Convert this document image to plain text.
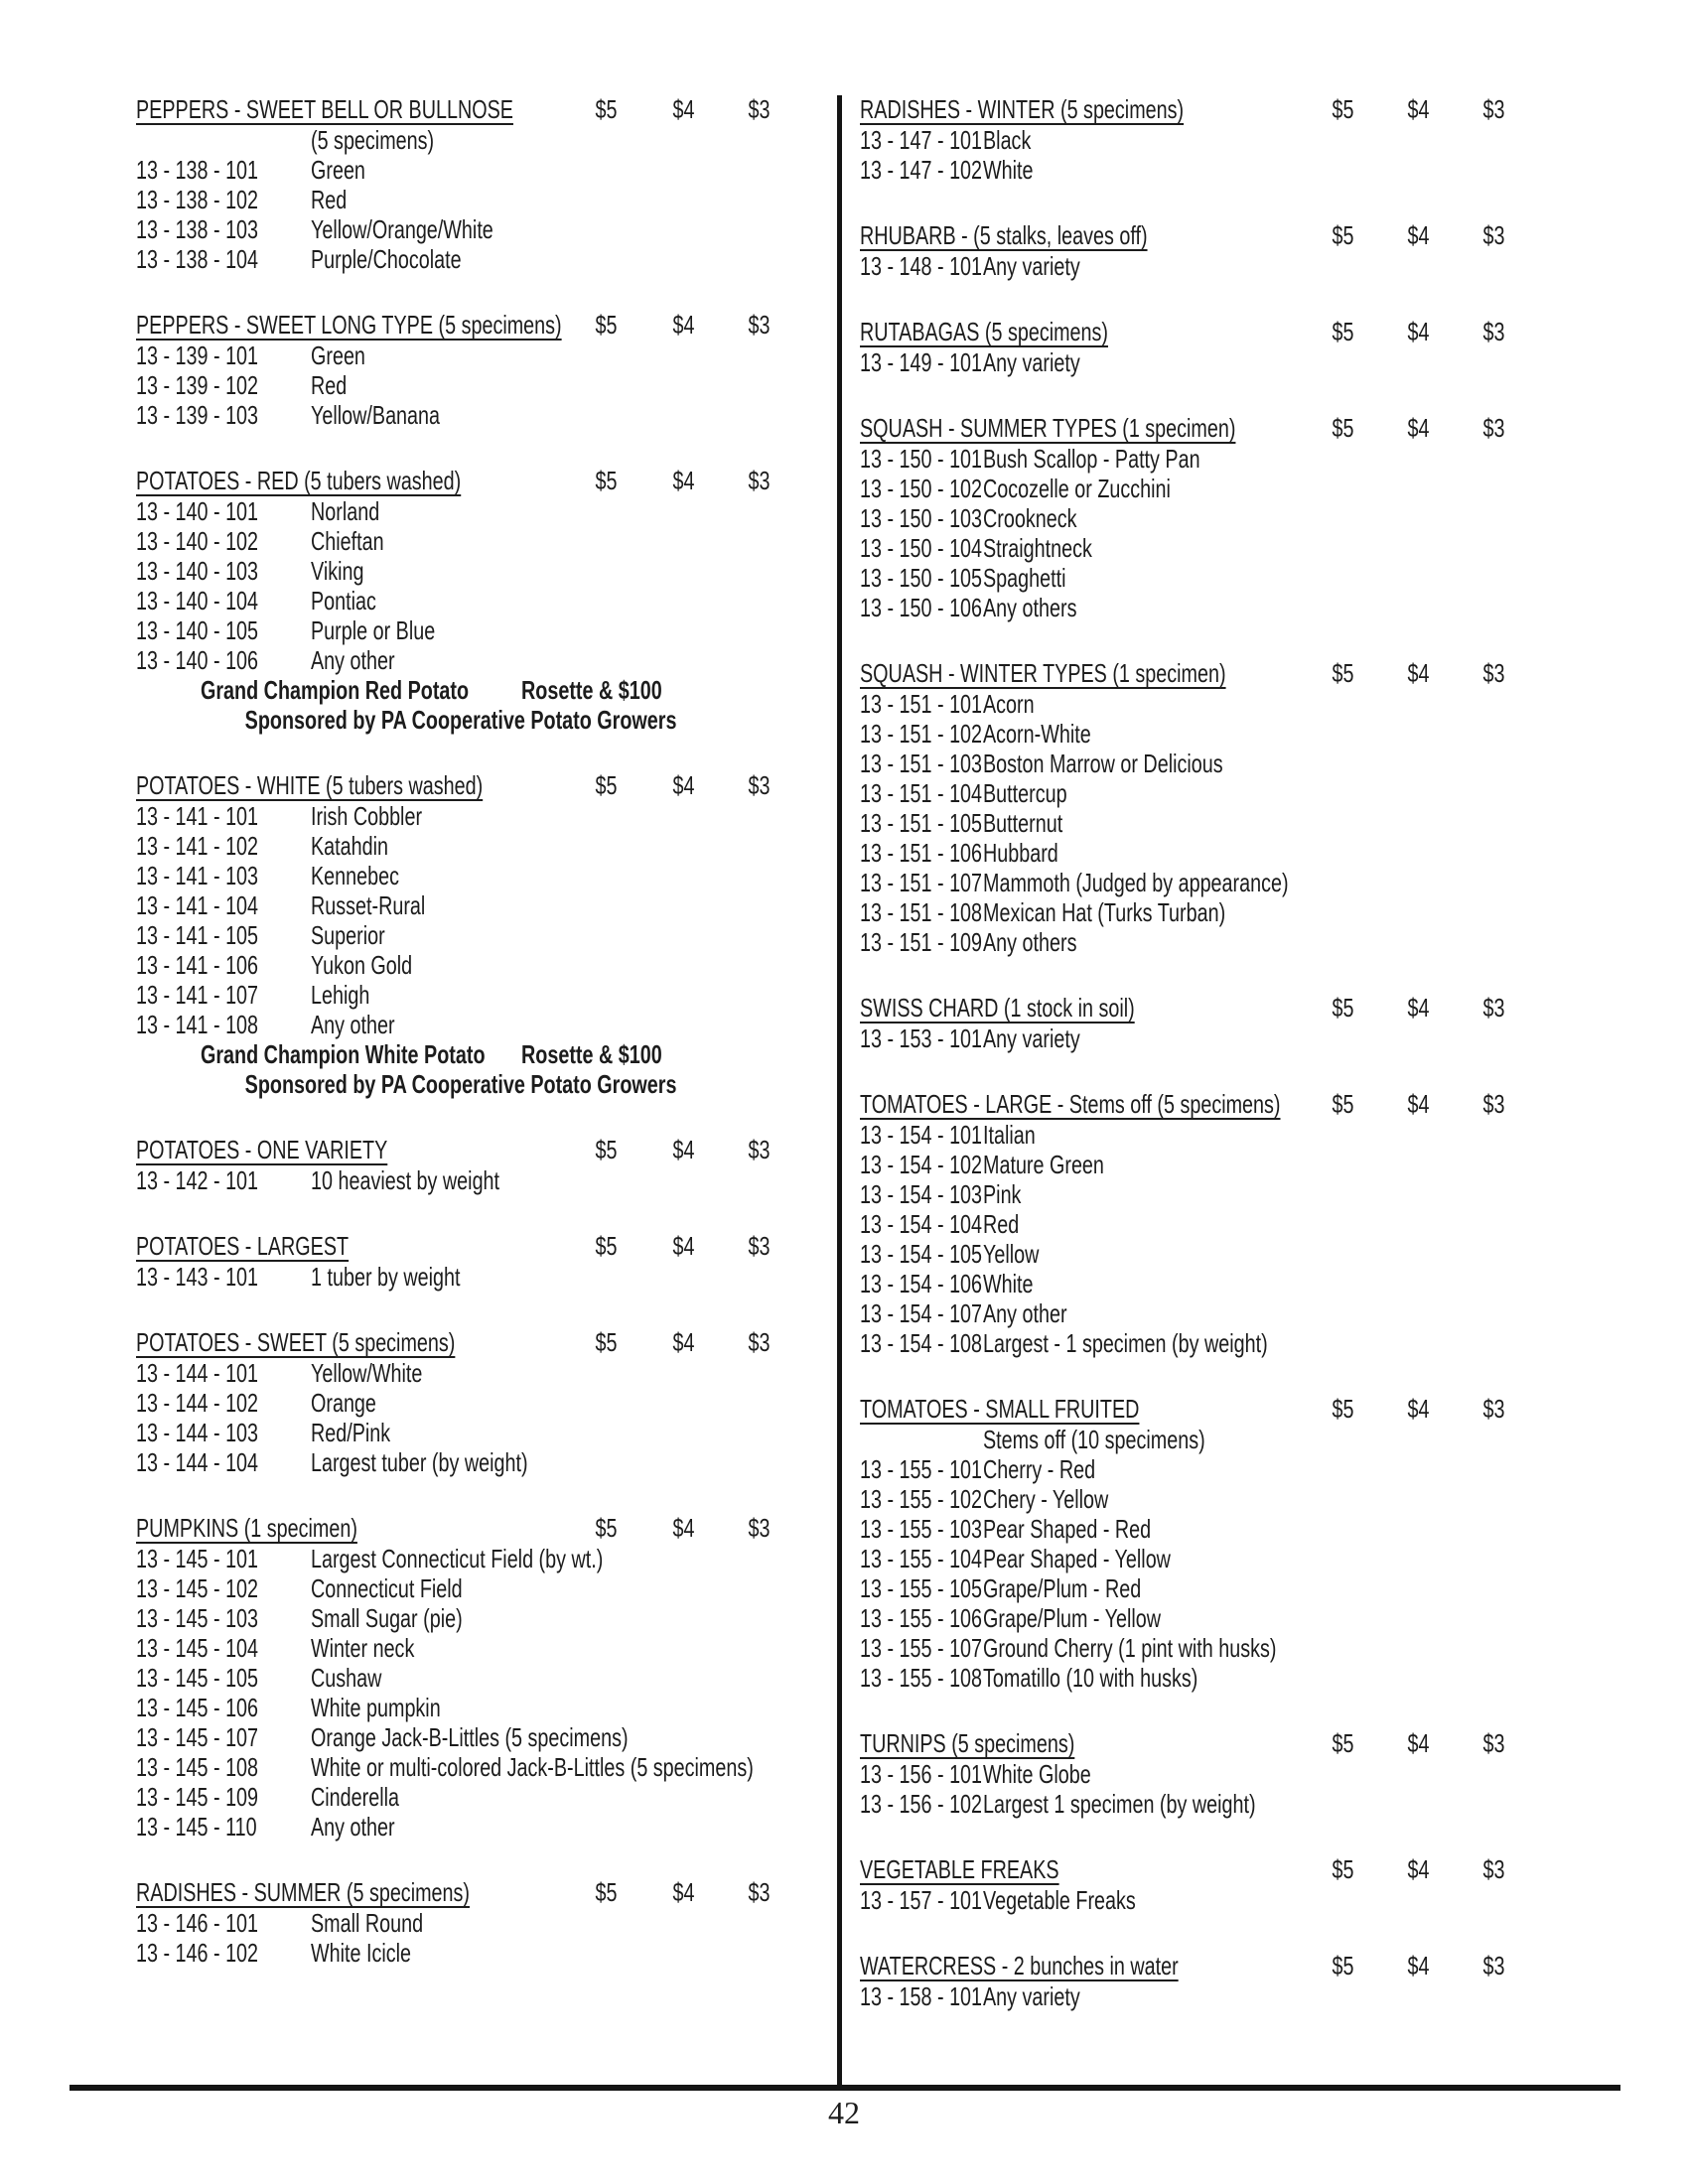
PEPPERS - SWEET BELL OR BULLNOSE	$5	$4	$3
(5 specimens)
13 - 138 - 101	Green
13 - 138 - 102	Red
13 - 138 - 103	Yellow/Orange/White
13 - 138 - 104	Purple/Chocolate
PEPPERS - SWEET LONG TYPE (5 specimens)	$5	$4	$3
13 - 139 - 101	Green
13 - 139 - 102	Red
13 - 139 - 103	Yellow/Banana
POTATOES - RED (5 tubers washed)	$5	$4	$3
13 - 140 - 101	Norland
13 - 140 - 102	Chieftan
13 - 140 - 103	Viking
13 - 140 - 104	Pontiac
13 - 140 - 105	Purple or Blue
13 - 140 - 106	Any other
Grand Champion Red Potato	Rosette & $100
Sponsored by PA Cooperative Potato Growers
POTATOES - WHITE (5 tubers washed)	$5	$4	$3
13 - 141 - 101	Irish Cobbler
13 - 141 - 102	Katahdin
13 - 141 - 103	Kennebec
13 - 141 - 104	Russet-Rural
13 - 141 - 105	Superior
13 - 141 - 106	Yukon Gold
13 - 141 - 107	Lehigh
13 - 141 - 108	Any other
Grand Champion White Potato	Rosette & $100
Sponsored by PA Cooperative Potato Growers
POTATOES - ONE VARIETY	$5	$4	$3
13 - 142 - 101	10 heaviest by weight
POTATOES - LARGEST	$5	$4	$3
13 - 143 - 101	1 tuber by weight
POTATOES - SWEET (5 specimens)	$5	$4	$3
13 - 144 - 101	Yellow/White
13 - 144 - 102	Orange
13 - 144 - 103	Red/Pink
13 - 144 - 104	Largest tuber (by weight)
PUMPKINS (1 specimen)	$5	$4	$3
13 - 145 - 101	Largest Connecticut Field (by wt.)
13 - 145 - 102	Connecticut Field
13 - 145 - 103	Small Sugar (pie)
13 - 145 - 104	Winter neck
13 - 145 - 105	Cushaw
13 - 145 - 106	White pumpkin
13 - 145 - 107	Orange Jack-B-Littles (5 specimens)
13 - 145 - 108	White or multi-colored Jack-B-Littles (5 specimens)
13 - 145 - 109	Cinderella
13 - 145 - 110	Any other
RADISHES - SUMMER (5 specimens)	$5	$4	$3
13 - 146 - 101	Small Round
13 - 146 - 102	White Icicle
RADISHES - WINTER (5 specimens)	$5	$4	$3
13 - 147 - 101 Black
13 - 147 - 102 White
RHUBARB - (5 stalks, leaves off)	$5	$4	$3
13 - 148 - 101 Any variety
RUTABAGAS (5 specimens)	$5	$4	$3
13 - 149 - 101 Any variety
SQUASH - SUMMER TYPES (1 specimen)	$5	$4	$3
13 - 150 - 101 Bush Scallop - Patty Pan
13 - 150 - 102 Cocozelle or Zucchini
13 - 150 - 103 Crookneck
13 - 150 - 104 Straightneck
13 - 150 - 105 Spaghetti
13 - 150 - 106 Any others
SQUASH - WINTER TYPES (1 specimen)	$5	$4	$3
13 - 151 - 101 Acorn
13 - 151 - 102 Acorn-White
13 - 151 - 103 Boston Marrow or Delicious
13 - 151 - 104 Buttercup
13 - 151 - 105 Butternut
13 - 151 - 106 Hubbard
13 - 151 - 107 Mammoth (Judged by appearance)
13 - 151 - 108 Mexican Hat (Turks Turban)
13 - 151 - 109 Any others
SWISS CHARD (1 stock in soil)	$5	$4	$3
13 - 153 - 101 Any variety
TOMATOES - LARGE - Stems off (5 specimens)	$5	$4	$3
13 - 154 - 101 Italian
13 - 154 - 102 Mature Green
13 - 154 - 103 Pink
13 - 154 - 104 Red
13 - 154 - 105 Yellow
13 - 154 - 106 White
13 - 154 - 107 Any other
13 - 154 - 108 Largest - 1 specimen (by weight)
TOMATOES - SMALL FRUITED	$5	$4	$3
Stems off (10 specimens)
13 - 155 - 101 Cherry - Red
13 - 155 - 102 Chery - Yellow
13 - 155 - 103 Pear Shaped - Red
13 - 155 - 104 Pear Shaped - Yellow
13 - 155 - 105 Grape/Plum - Red
13 - 155 - 106 Grape/Plum - Yellow
13 - 155 - 107 Ground Cherry (1 pint with husks)
13 - 155 - 108 Tomatillo (10 with husks)
TURNIPS (5 specimens)	$5	$4	$3
13 - 156 - 101 White Globe
13 - 156 - 102 Largest 1 specimen (by weight)
VEGETABLE FREAKS	$5	$4	$3
13 - 157 - 101 Vegetable Freaks
WATERCRESS - 2 bunches in water	$5	$4	$3
13 - 158 - 101 Any variety
42
